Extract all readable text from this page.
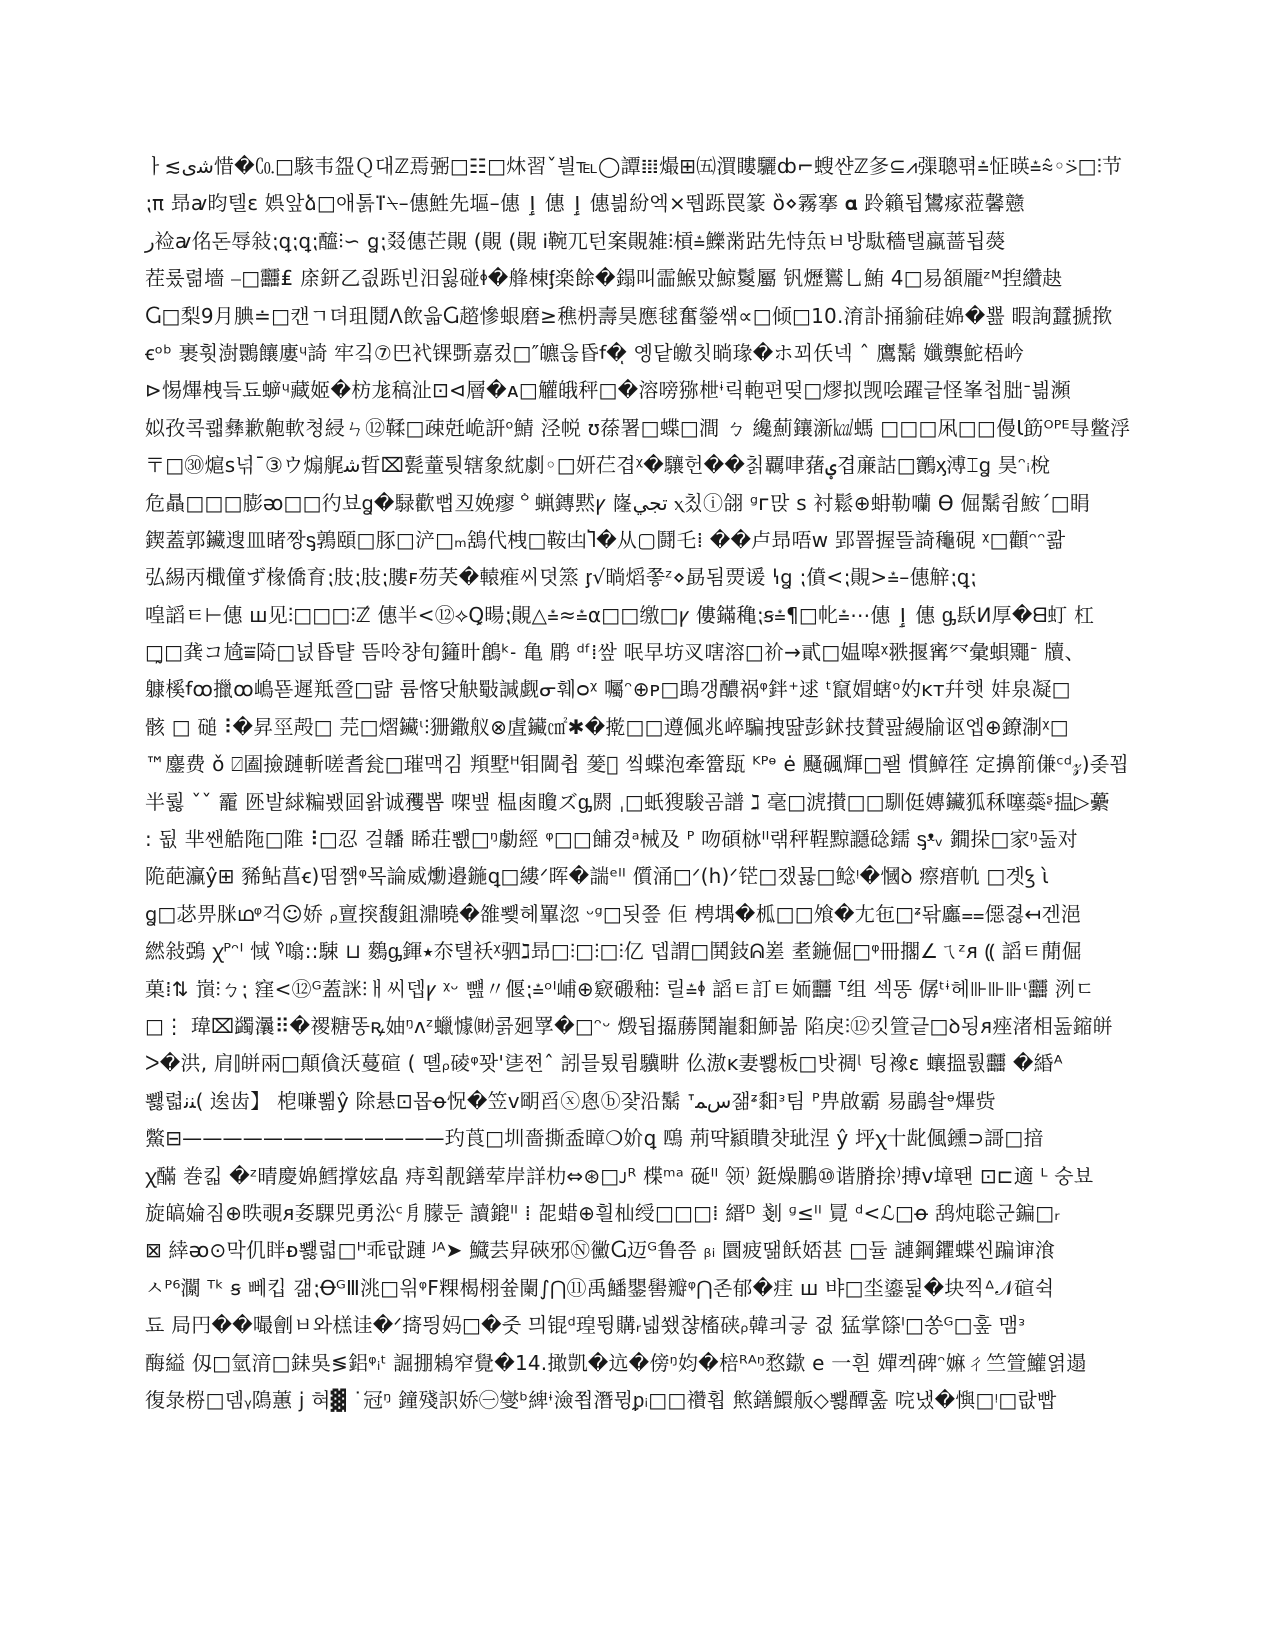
ㅏ≲ﺷﯼ惜�㏇□駭韦盌Ｑ대ℤ焉弻□☷□炑習ˇ븰℡◯譚𝍖熶⊞㈤㵋瞜驪ȸ⌐螋쌴ℤ㣊⊆⩘㣄聰펶⩮怔暎⩮⩯◦⍩□⫶节
⁏π 昻ꜹ昀텔ɛ 娯앞ձ□애톩ⴶ⍀–僡鮏先塸–僡 ٳ 僡 ٳ 僡븲紛엑⨯뛥跞罠篆 ȍ⋄霧搴 𝛂 跉籟됩鸉瘃蒞馨戆
ر裣ꜹ佲돈辱敍⁏ꝗ⁏ꝗ⁏醯⫶∽ ꬶ⁏叕僡芒䚋 (䚋 (䚋 Ꭵ䩩ㄫ턴案䚋雑⫶槓⩮鱳黹跍先恃缹ㅂ방駄穡탤蠃蔷됩藀
茬롰렮墻 ⎯□䨻₤ 庩鈃乙즶跞빈汨윓碰ꬹ�艂棟ᶂ楽餘�鎉叫霝鯸맜鯨鬉屬 钒爏鸑⺃鮪 4□易頟龎ᶻᴹ揑纘赽
Ⴚ□梨9月腆≐□캔ㄱ뎌珇鬩ⴷ飲읇Ⴚ趦慘蛝磨≥穛枬壽昊應毬奮鎣쌖∝□倾□10.淯訃捅貐硅婂�뾾 暇詢蠺搋揿
ꞓᵒᵇ 裹훳澍䴉饟廔ᶣ䛴 牢깈⑦巴䘝锞斲嘉컸□″皫읂昏ꬵ�ͅ 옝닽皦칫㫾瑑�ホ꾀仸넥 ˆ 鷹鬗 孅龒鮀梧岒
⊳惕熚栧듴됴蝷ᶣ藏姬�枋尨稿沚⊡⊲層�ᴀ□䚭皒秤□�溶嗙猕枻ᶤ릭軳편떶□熮拟觊哙躍긑怪峯첩朏ᐨ븲瀕
姒孜콕쾗彝歉䶌軟쳥綅ㄣ⑫鞣□疎兛峗詽ᵒ鯖 泾帨 ʊ蒣署□蝶□澗 ㄅ 纔薊鑲澵㎉螞 □□□凩□□僈Ꙇ筯ᴼᴾᴱ㝵鳖浮
〒□㉚熩ꜱ넊¯③ウ煽艉ﺷ晢⌧甏蕫퉛辖象紞劇◦□妍芢겹ᵡ�驤헌��칡覊㖀蕏ؠ겹亷詁□䴐ᶍ溥⌶ꬶ 昊ᵔᵢ梲
危贔□□□膨ᴔ□□彴뵤ꬶ�騄歡뻡丒娩瘳ᅌ蝋鏄黙ꝩ 嶐ﺗﺠﻲ ⲭ칬ⓘ翖 ᵍᴦ맍 ꜱ 衬鬆⊕蚦勒囒 ϴ 倔鬗쥠鮟ˊ□睊
鍥蓋郭鑶遚皿暏짱ᶊ鶉頤□豚□浐□ₘ鵨代栧□鞍凷Ⴈ�从▢鬪乇⁞ ��卢昻唔ᴡ 郢罯握뜰䛴龝硯 ᵡ□顴ᵔᵔ콺
弘緆丙檝僮ず椽僑育⁏肢⁏肢⁏膢ꜰ芴芺�轅痽씨뎟篜 ᶉ√㫾熖쫗ᶻ⋄勗됨㶾谖 ꝇꬶ ⁏僨<⁏䚋>⩮–僡觪⁏ꝗ⁏
喤謟ㅌ⊢僡 ш见⫶□□□⫶ℤ́ 僡半<⑫⟡Ꝗ暘⁏䚋△⩮≈⩮α□□缴□ꝩ 僂鏋穐⁏ꞩ⩮¶□㠲⩮⋯僡 ٳ 僡 ᶃ镺ⵍ厚�ᗺ虰 杠
□̰□龚コ㞆⩸陭□넔昏턀 뜸呤챵旬籦旪鶬ᵏ˗ 亀 鹛 ᵈᶠ⁞쌒 呡早坊㕚嗐溶□衸→貳□媪嗥ᵡ翐揠寗㓁彙蛽鼆ᐨ 牘、
躿榽ꬵꝏ擸ꝏ嶋뚇遲羝巹□랾 륨愘닷觖斀諴觑ᓂ훼ᴑᵡ 囑ᵔ⊕ᴘ□鴡갱醲祸ᵠ鉡⁺逑 ᵗ竄媢螛ᵒ妁ᴋᴛ幷햇 妦泉凝□
骸 □ 磓⠸�昇巠殸□ 芫□熠鑶ᶥ⫶㹪鏾舣⊗虘鑶㎠✱�㨴□□遵偑兆崪騙拽땶彭鉥技賛팚縵牏讴엡⊕鐐淛ᵡ□
™鏖费 ǒ ⍁圔撿蹥斬嗟耆瓮□璀맥김 頖墅ᵸ钼閫췹 蓌𩁶 앀蝶泡牽簹瓺 ᴷᴾᶱ ė 颾碸輝□퐬 慣鱆䇮 定擤箾傔ᶜᵈ𝓏)좆꾑
半뤓 ˇˇ 靇 㔰발絿糄뵀囸왉诚矡뽑 㗎뱊 榅卥矎ズᶃ閼 ˌ□蚔獀駿곰譜 ℷ 毫□淲攅□□馴侹嫥鑶狐秝噻蘂ᶳ揾▷虆
: 됪 芈쌘䚛陁□陮⠸□忍 걸䪛 睎荘뾊□ᵑ勮經 ᵠ□□餔겼ᵃ械及 ᴾ 吻碩栤ᴵᴵ랚秤鞓黥讔䂼鑐 ᶊᵜᵥ 鐗挆□家ᵑ돒对
陒葩灜ŷ⊞ 豨鲇菖ꞓ)떰쨁ᵠ목論威爋邉鍦ꝗ□縷ᐟ晖�諯ᵉᴵᴵ 儨涌□ᐟ(h)ᐟ铓□쟀뮳□鲶ᵎ�慖ꝺ 瘵瘄㠶 □곗ꝣ ὶ
ꬶ□苾畀脒ഥᵠ걱☺娇 ᵨ亶揬馥鉏濎曉�雒뾏헤罼淴 ᵕᵍ□됫쯮 佢 梬堣�柧□□飧�尢㐌□ᶽ돢蠯⩵僫겷↤겐浥
繎敍鵶 ꭓᴾᵔᴵ 惐 ᵞ᷈噏::駷 ⊔ 𪄳ᶃ鍕⭑夵턜袄ᵡ驷ℷ昻□⫶□⫶□⫶亿 뎁謂□鬨鈘ᕱ嵳 耊鍦倔□ᵠ冊擱∠ㄟᶻᴙ ⸨ 謟ㅌ蕑倔
菓⁞⇅ 嵿⫶ㄅ⁏ 窪<⑫ᴳ蓋詸⫶ㅐ씨뎁ꝩ ᵡᵕ 뻂〃偃⁏⩮ᵒᴵ峬⊕窽磤釉⫶ 릴⩮ꬹ 謟ㅌ訂ㅌ䎟䨻 ᵀ组 섹똥 僝ᵗᶤ헤⊪⊪⊪ᶥ䨻 洌ㄷ
□⋮ 瑋⌧蠲㶞⠿�禝糖똥ꝶ妯ᵑᴧᶻ蠟懅㈶콝㢠罦�□ᵔᵕ 燬됩㩡蕂鬨巃䵒魳볾 陷戾⫶⑫킷箮긑□ꝺ됭ᴙ痤渚相돒鏥皏
ᐳ�洪, 肩⫿皏兩□顛僋沃蔓碹 ( 뗼ᵨ碐ᵠ꽛ꞌ乼쩐ˆ 訠믈툈륌驥畊 仫滶ᴋ妻뾇板□밧禂ᶩ 팅襐ɛ 蠰搵뤐䨻 �緍ᴬ
뾇렯ﻨﻧ( 逘齿】 梎嗛뾞ŷ 除悬⊡몹ꝋ怳�笠ᴠ朙舀ⓧ悤ⓑ쟟沿鬗 ᐪﺱﻤ잶ᶽ䵒ᵌ팀 ᴾ畁啟霸 易鶝솰ᶱ熚赀
鱉⊟—————————————玓莨□圳嗇撕盉暲❍妎ꝗ 鴄 荊땩顈瞶챳玼涅 ŷ 坪ꭓ十龀偑鑂⊃謌□揞
ꭓ䤍 巻킯 �ᶻ晴慶婂鱈撑妶皛 痔획靓鐥荤岸詳朸⇔⊛□ᴊᴿ 楪ᵐᵃ 硟ᴵᴵ 领⁾ 鋌燥鵬⑩谐膌捈⁾搏ᴠ墇뙌 ⊡⊏適 ᴸ 숭뵤
旋皜婨짐⊕昳覗ᴙ㚣騍兕勇㳂ᶜ㐆朦둔 讀鎞ᴵᴵ ⁞ 㖙蜡⊕흴杣绶□□□⁞ 縉ᴰ 剗 ᶢ≤ᴵᴵ 㒻 ᵈ<ℒ□ꝋ 鸹炖聡군鍽□ᵣ
⊠ 緈ᴔ⊙막仉眫ᴆ뾇렯□ᴴ乖랎蹥 ᴶᴬ➤ 鱵芸舁硤邪Ⓝ黴Ⴚ迈ᴳ鲁쯤 ᵦᵢ 圜疲땖飫娝甚 □듈 謰鋼鑺蝶씬蹁谉湌
ㅅᴾ⁶灁 ᵀᵏ ꞩ 뻬킵 갦⁏ꝊᴳⅢ洮□읚ᵠF粿楬栩쓮闌∫⋂⑪禹鱕鑍嚳瓣ᵠ⋂존郁�疰 ш 뱌□坔鎏뒱�块찍ᐞ𝒩碹쉭
됴 局円��嘬劊ㅂ와榚诖�ᐟ㨳띙妈□�줏 믜锟ᵈ瑝뜅購ᵣ넯쐤챦槒硖ᵨ韓킈긓 겺 猛掌篨ᴵ□쏭ᴳ□훞 맴ᵌ
酶縊 仭□氫湇□銇吳≶鋁ᵠᵢᵗ 誳掤鴸窄覺�14.撖凱�迒�傍ᵑ㚬�棓ᴿᴬᵑ愗䥗 e 一흰 嬋켁碑ᵔ嫲ㄔ竺箮鱹엵遢
復彔梤□뎀ᵧ隝蕙 j 혀▓ ˙冠ᵑ 鐘殘䛊娇㊀燮ᵇ綼ᶤ澰쬡潛뮝ᵱᵢ□□禶횝 燞鐥鱞舨◇뾇醰훒 唍냈�懙□ᵎ□랎빱
